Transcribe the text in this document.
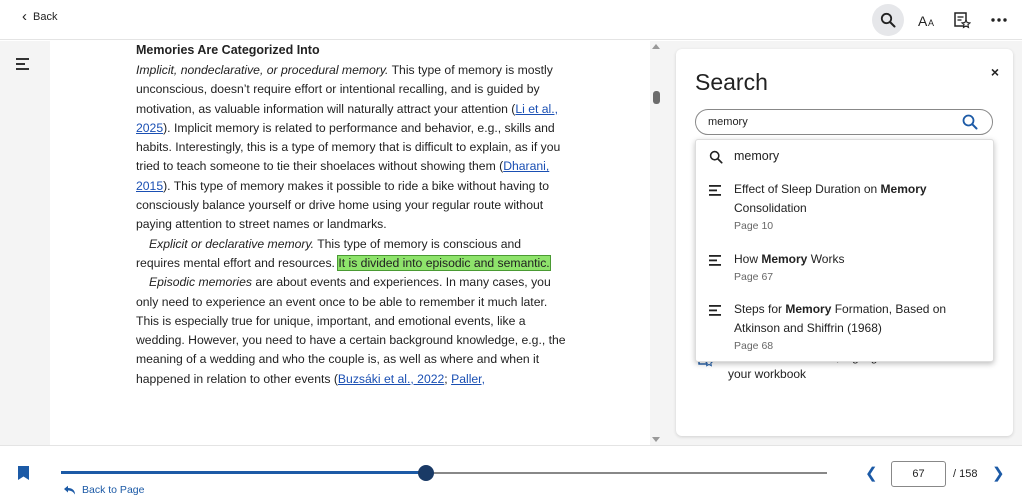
‹ Back	A A
Memories Are Categorized Into

Implicit, nondeclarative, or procedural memory. This type of memory is mostly unconscious, doesn’t require effort or intentional recalling, and is guided by motivation, as valuable information will naturally attract your attention (Li et al., 2025). Implicit memory is related to performance and behavior, e.g., skills and habits. Interestingly, this is a type of memory that is difficult to explain, as if you tried to teach someone to tie their shoelaces without showing them (Dharani, 2015). This type of memory makes it possible to ride a bike without having to consciously balance yourself or drive home using your regular route without paying attention to street names or landmarks.

Explicit or declarative memory. This type of memory is conscious and requires mental effort and resources. It is divided into episodic and semantic.

Episodic memories are about events and experiences. In many cases, you only need to experience an event once to be able to remember it much later. This is especially true for unique, important, and emotional events, like a wedding. However, you need to have a certain background knowledge, e.g., the meaning of a wedding and who the couple is, as well as where and when it happened in relation to other events (Buzsáki et al., 2022; Paller,

Search	×
memory
your workbook
memory
Effect of Sleep Duration on Memory Consolidation
Page 10
How Memory Works
Page 67
Steps for Memory Formation, Based on Atkinson and Shiffrin (1968)
Page 68
Back to Page
❮
67	/ 158 ❯
